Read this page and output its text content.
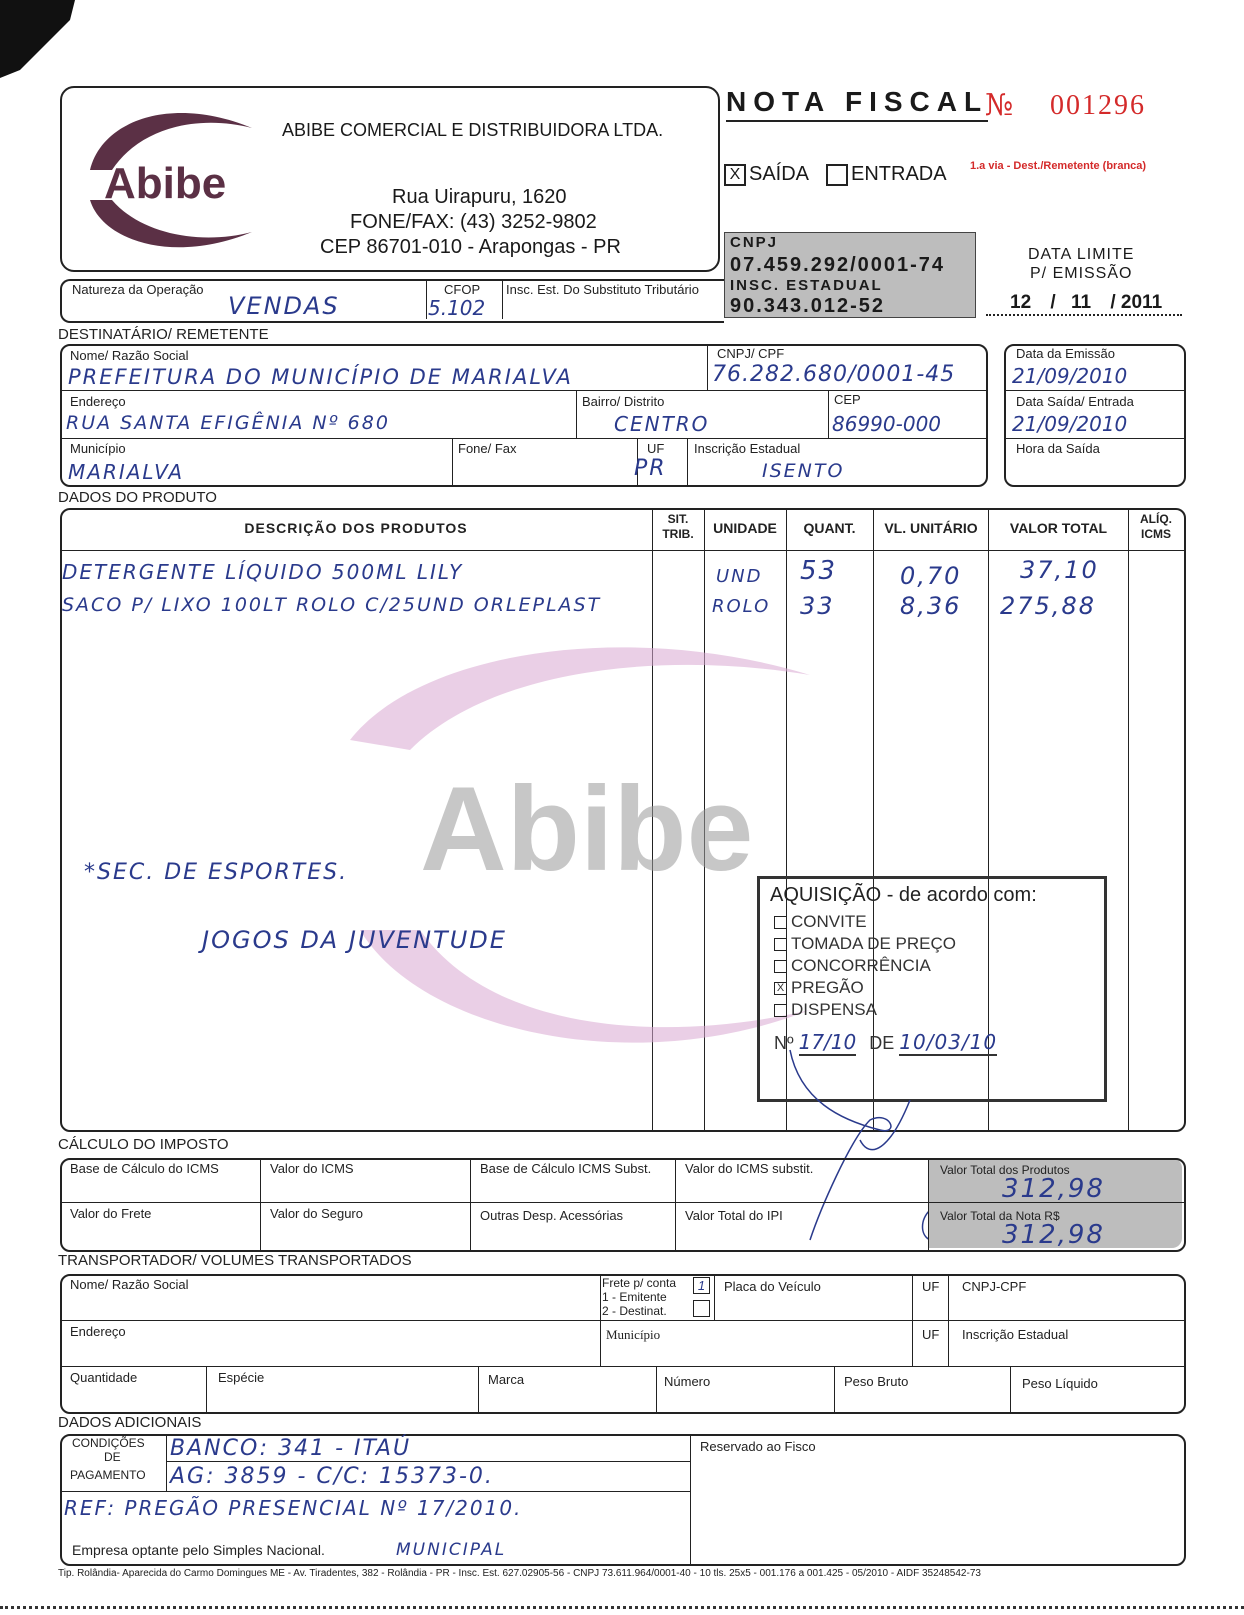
Abibe
ABIBE COMERCIAL E DISTRIBUIDORA LTDA.
Rua Uirapuru, 1620
FONE/FAX: (43) 3252-9802
CEP 86701-010 - Arapongas - PR
NOTA FISCAL
№ 001296
X SAÍDA	ENTRADA 1.a via - Dest./Remetente (branca)
CNPJ
07.459.292/0001-74
INSC. ESTADUAL
90.343.012-52
DATA LIMITE
P/ EMISSÃO
12 / 11 / 2011
Natureza da Operação
VENDAS
CFOP
5.102
Insc. Est. Do Substituto Tributário
DESTINATÁRIO/ REMETENTE
Nome/ Razão Social
PREFEITURA DO MUNICÍPIO DE MARIALVA
CNPJ/ CPF
76.282.680/0001-45
Endereço
RUA SANTA EFIGÊNIA Nº 680
Bairro/ Distrito
CENTRO
CEP
86990-000
Município
MARIALVA
Fone/ Fax	UF
PR
Inscrição Estadual
ISENTO
Data da Emissão
21/09/2010
Data Saída/ Entrada
21/09/2010
Hora da Saída
DADOS DO PRODUTO
DESCRIÇÃO DOS PRODUTOS
SIT. TRIB.	UNIDADE	QUANT.	VL. UNITÁRIO	VALOR TOTAL
ALÍQ. ICMS
Abibe
DETERGENTE LÍQUIDO 500ML LILY	UND 53	0,70 37,10
SACO P/ LIXO 100LT ROLO C/25UND ORLEPLAST	ROLO 33	8,36 275,88
*SEC. DE ESPORTES.
JOGOS DA JUVENTUDE
AQUISIÇÃO - de acordo com:
CONVITE
TOMADA DE PREÇO
CONCORRÊNCIA
X PREGÃO
DISPENSA
Nº 17/10 DE 10/03/10
CÁLCULO DO IMPOSTO
Base de Cálculo do ICMS	Valor do ICMS	Base de Cálculo ICMS Subst.	Valor do ICMS substit.	Valor Total dos Produtos
312,98
Valor do Frete	Valor do Seguro	Outras Desp. Acessórias	Valor Total do IPI	Valor Total da Nota R$
312,98
TRANSPORTADOR/ VOLUMES TRANSPORTADOS
Nome/ Razão Social	Frete p/ conta
1 - Emitente
2 - Destinat.
1	Placa do Veículo	UF CNPJ-CPF
Endereço	Município	UF Inscrição Estadual
Quantidade	Espécie	Marca	Número	Peso Bruto	Peso Líquido
DADOS ADICIONAIS
CONDIÇÕES
DE
PAGAMENTO
BANCO: 341 - ITAÚ
AG: 3859 - C/C: 15373-0.
REF: PREGÃO PRESENCIAL Nº 17/2010.
Empresa optante pelo Simples Nacional.	MUNICIPAL
Reservado ao Fisco
Tip. Rolândia- Aparecida do Carmo Domingues ME - Av. Tiradentes, 382 - Rolândia - PR - Insc. Est. 627.02905-56 - CNPJ 73.611.964/0001-40 - 10 tls. 25x5 - 001.176 a 001.425 - 05/2010 - AIDF 35248542-73
